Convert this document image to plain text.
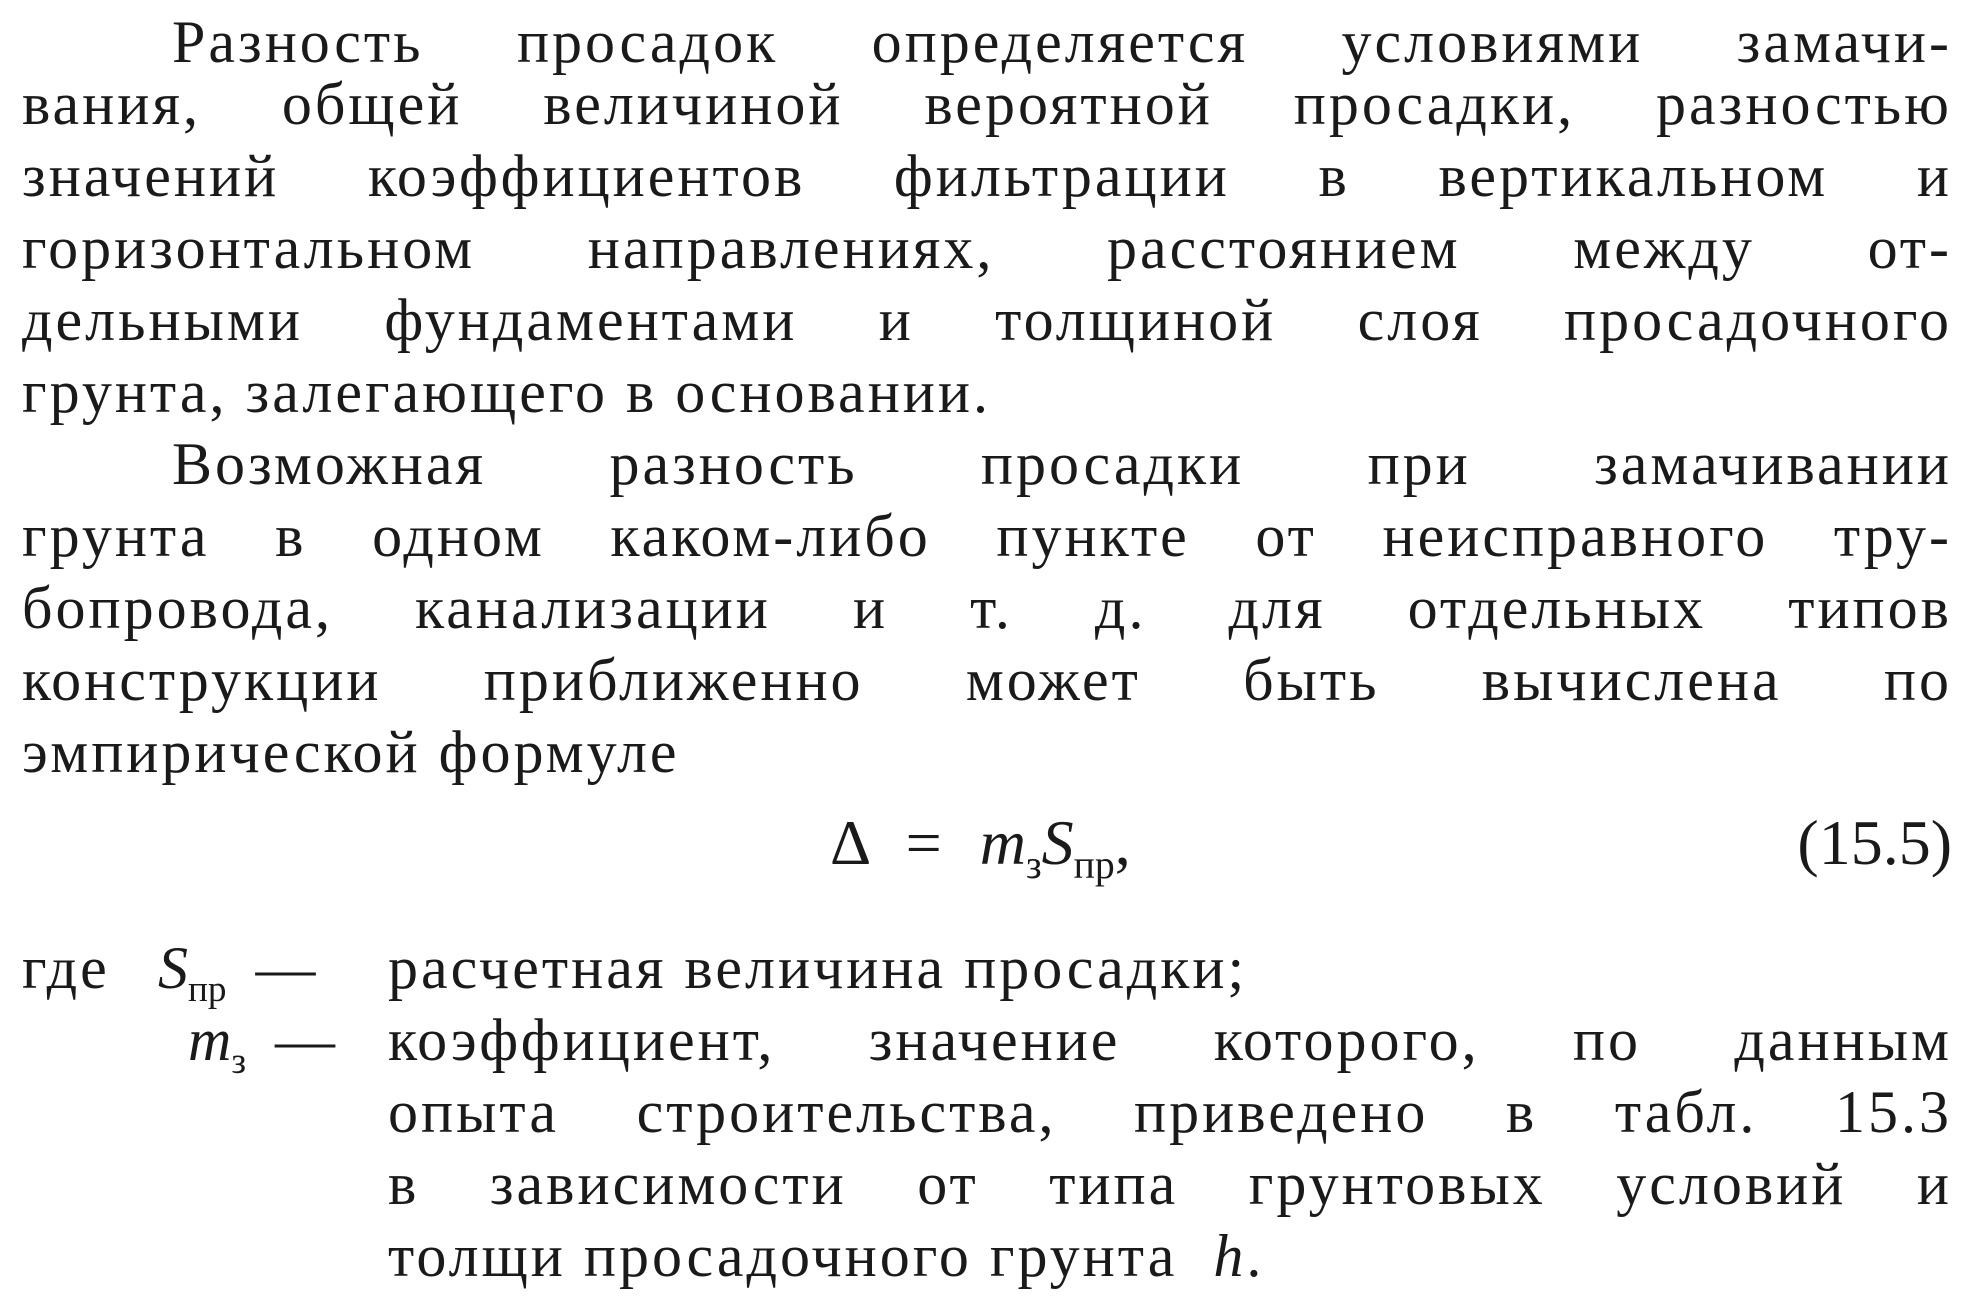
Разность просадок определяется условиями замачи-
вания, общей величиной вероятной просадки, разностью
значений коэффициентов фильтрации в вертикальном и
горизонтальном направлениях, расстоянием между от-
дельными фундаментами и толщиной слоя просадочного
грунта, залегающего в основании.
Возможная разность просадки при замачивании
грунта в одном каком-либо пункте от неисправного тру-
бопровода, канализации и т. д. для отдельных типов
конструкции приближенно может быть вычислена по
эмпирической формуле
$\Delta = m_зS_{пр}$,	(15.5)
где $S_{пр}$ — расчетная величина просадки;
$m_з$ — коэффициент, значение которого, по данным
опыта строительства, приведено в табл. 15.3
в зависимости от типа грунтовых условий и
толщи просадочного грунта h.
